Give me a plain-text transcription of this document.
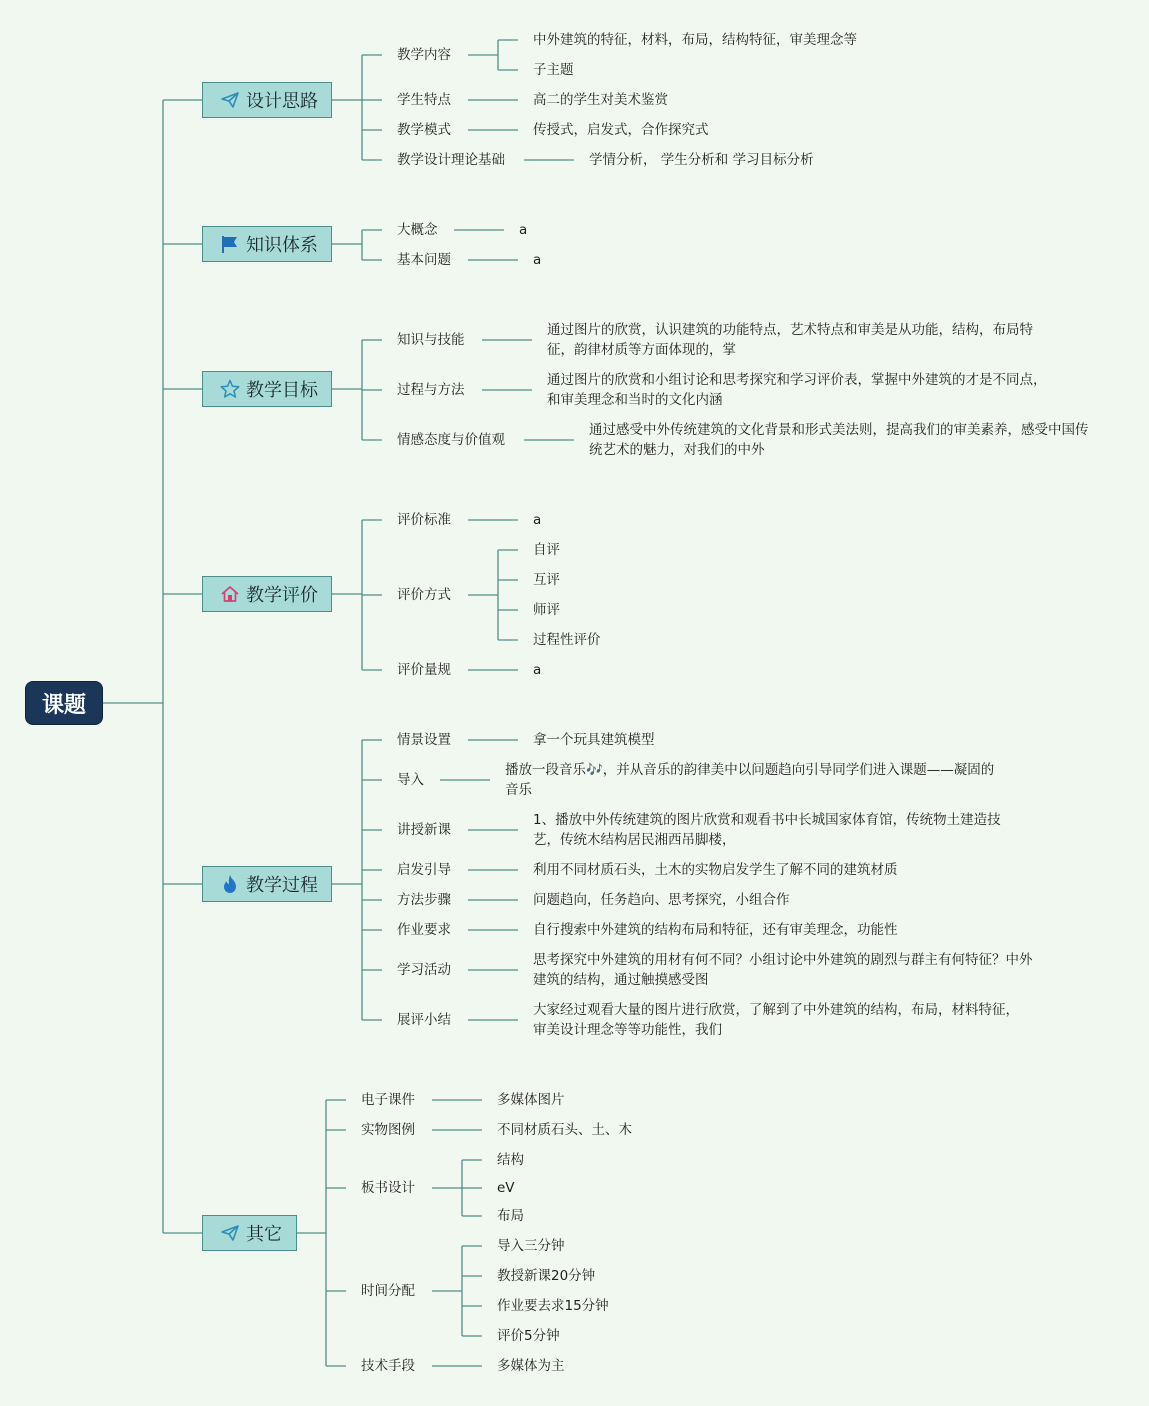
课题
设计思路
教学内容
中外建筑的特征，材料，布局，结构特征，审美理念等
子主题
学生特点	高二的学生对美术鉴赏
教学模式	传授式，启发式，合作探究式
教学设计理论基础	学情分析， 学生分析和 学习目标分析
知识体系
大概念	a
基本问题	a
教学目标
知识与技能
通过图片的欣赏，认识建筑的功能特点，艺术特点和审美是从功能，结构，布局特征，韵律材质等方面体现的，掌
过程与方法
通过图片的欣赏和小组讨论和思考探究和学习评价表，掌握中外建筑的才是不同点，和审美理念和当时的文化内涵
情感态度与价值观
通过感受中外传统建筑的文化背景和形式美法则，提高我们的审美素养，感受中国传统艺术的魅力，对我们的中外
教学评价
评价标准	a
评价方式
自评
互评
师评
过程性评价
评价量规	a
教学过程
情景设置	拿一个玩具建筑模型
导入
播放一段音乐🎶，并从音乐的韵律美中以问题趋向引导同学们进入课题——凝固的音乐
讲授新课
1、播放中外传统建筑的图片欣赏和观看书中长城国家体育馆，传统物土建造技艺，传统木结构居民湘西吊脚楼，
启发引导	利用不同材质石头，土木的实物启发学生了解不同的建筑材质
方法步骤	问题趋向，任务趋向、思考探究，小组合作
作业要求	自行搜索中外建筑的结构布局和特征，还有审美理念，功能性
学习活动
思考探究中外建筑的用材有何不同？小组讨论中外建筑的剧烈与群主有何特征？中外建筑的结构，通过触摸感受图
展评小结
大家经过观看大量的图片进行欣赏，了解到了中外建筑的结构，布局，材料特征，审美设计理念等等功能性，我们
其它
电子课件	多媒体图片
实物图例	不同材质石头、土、木
板书设计
结构
eV
布局
时间分配
导入三分钟
教授新课20分钟
作业要去求15分钟
评价5分钟
技术手段	多媒体为主
